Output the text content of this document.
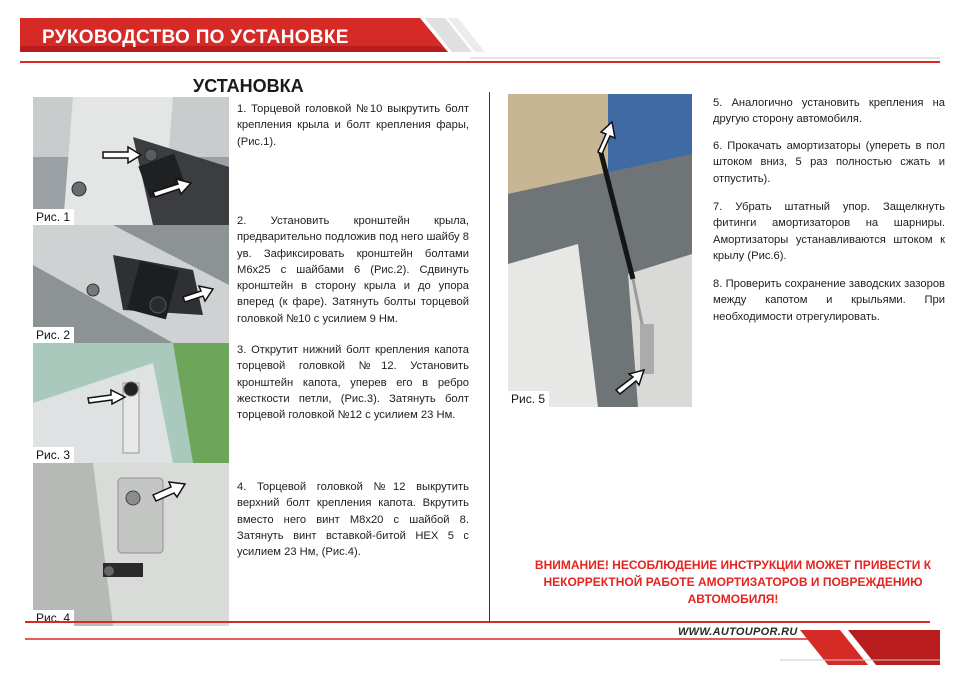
РУКОВОДСТВО ПО УСТАНОВКЕ
УСТАНОВКА
Рис. 1
Рис. 2
Рис. 3
Рис. 4
1. Торцевой головкой №10 выкрутить болт крепления крыла и болт крепления фары, (Рис.1).
2. Установить кронштейн крыла, предварительно подложив под него шайбу 8 ув. Зафиксировать кронштейн болтами М6х25 с шайбами 6 (Рис.2). Сдвинуть кронштейн в сторону крыла и до упора вперед (к фаре). Затянуть болты торцевой головкой №10 с усилием 9 Нм.
3. Открутит нижний болт крепления капота торцевой головкой №12. Установить кронштейн капота, уперев его в ребро жесткости петли, (Рис.3). Затянуть болт торцевой головкой №12 с усилием 23 Нм.
4. Торцевой головкой №12 выкрутить верхний болт крепления капота. Вкрутить вместо него винт М8х20 с шайбой 8. Затянуть винт вставкой-битой HEX 5 с усилием 23 Нм, (Рис.4).
Рис. 5
5. Аналогично установить крепления на другую сторону автомобиля.
6. Прокачать амортизаторы (уперeть в пол штоком вниз, 5 раз полностью сжать и отпустить).
7. Убрать штатный упор. Защелкнуть фитинги амортизаторов на шарниры. Амортизаторы устанавливаются штоком к крылу (Рис.6).
8. Проверить сохранение заводских зазоров между капотом и крыльями. При необходимости отрегулировать.
ВНИМАНИЕ! НЕСОБЛЮДЕНИЕ ИНСТРУКЦИИ МОЖЕТ ПРИВЕСТИ К НЕКОРРЕКТНОЙ РАБОТЕ АМОРТИЗАТОРОВ И ПОВРЕЖДЕНИЮ АВТОМОБИЛЯ!
WWW.AUTOUPOR.RU
